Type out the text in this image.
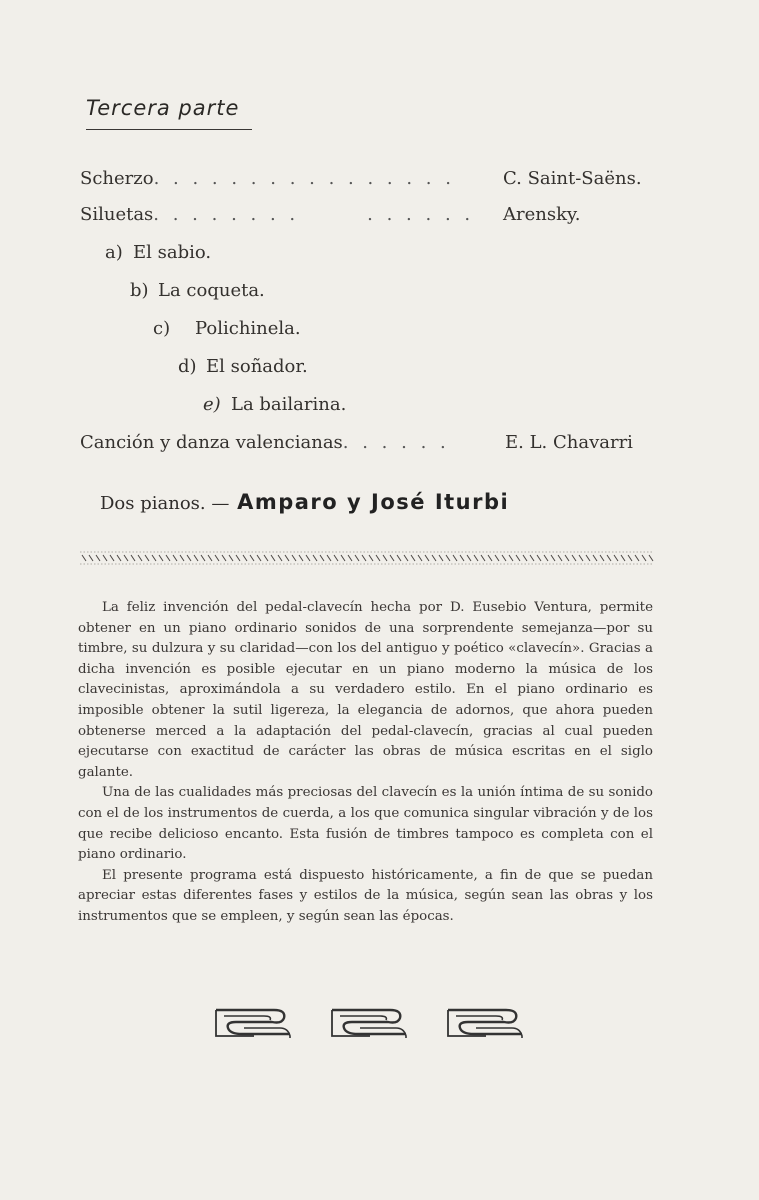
Tercera parte
Scherzo. . . . . . . . . . . . . . . .	C. Saint-Saëns.
Siluetas. . . . . . . .       . . . . . . Arensky.
a) El sabio.
b) La coqueta.
c) Polichinela.
d) El soñador.
e) La bailarina.
Canción y danza valencianas. . . . . .	E. L. Chavarri
Dos pianos. — Amparo y José Iturbi

La feliz invención del pedal-clavecín hecha por D. Eusebio Ventura, permite obtener en un piano ordinario sonidos de una sorprendente semejanza—por su timbre, su dulzura y su claridad—con los del antiguo y poético «clavecín». Gracias a dicha invención es posible ejecutar en un piano moderno la música de los clavecinistas, aproximándola a su verdadero estilo. En el piano ordinario es imposible obtener la sutil ligereza, la elegancia de adornos, que ahora pueden obtenerse merced a la adaptación del pedal-clavecín, gracias al cual pueden ejecutarse con exactitud de carácter las obras de música escritas en el siglo galante.

Una de las cualidades más preciosas del clavecín es la unión íntima de su sonido con el de los instrumentos de cuerda, a los que comunica singular vibración y de los que recibe delicioso encanto. Esta fusión de timbres tampoco es completa con el piano ordinario.

El presente programa está dispuesto históricamente, a fin de que se puedan apreciar estas diferentes fases y estilos de la música, según sean las obras y los instrumentos que se empleen, y según sean las épocas.
